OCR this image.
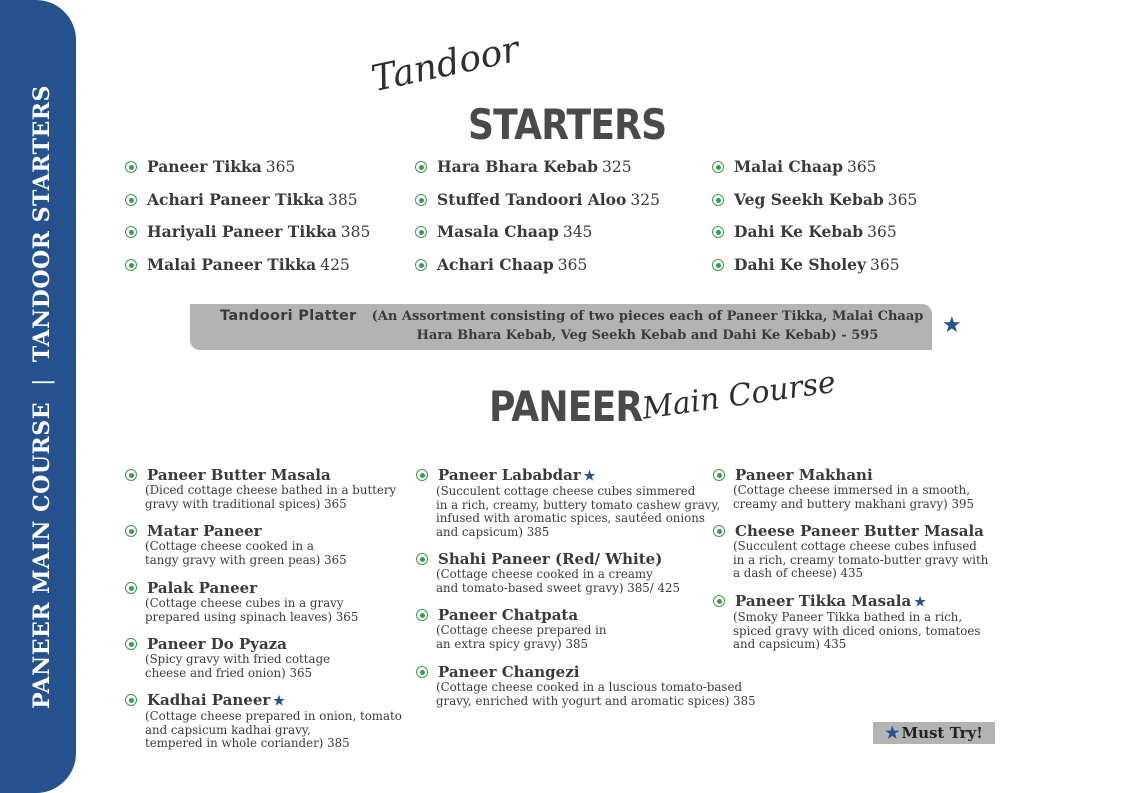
PANEER MAIN COURSE|TANDOOR STARTERS
Tandoor
STARTERS
Paneer Tikka 365
Achari Paneer Tikka 385
Hariyali Paneer Tikka 385
Malai Paneer Tikka 425
Hara Bhara Kebab 325
Stuffed Tandoori Aloo 325
Masala Chaap 345
Achari Chaap 365
Malai Chaap 365
Veg Seekh Kebab 365
Dahi Ke Kebab 365
Dahi Ke Sholey 365
Tandoori Platter (An Assortment consisting of two pieces each of Paneer Tikka, Malai Chaap
Hara Bhara Kebab, Veg Seekh Kebab and Dahi Ke Kebab) - 595	★
PANEER
Main Course
Paneer Butter Masala
(Diced cottage cheese bathed in a buttery
gravy with traditional spices) 365
Matar Paneer
(Cottage cheese cooked in a
tangy gravy with green peas) 365
Palak Paneer
(Cottage cheese cubes in a gravy
prepared using spinach leaves) 365
Paneer Do Pyaza
(Spicy gravy with fried cottage
cheese and fried onion) 365
Kadhai Paneer ★
(Cottage cheese prepared in onion, tomato
and capsicum kadhai gravy,
tempered in whole coriander) 385
Paneer Lababdar ★
(Succulent cottage cheese cubes simmered
in a rich, creamy, buttery tomato cashew gravy,
infused with aromatic spices, sautéed onions
and capsicum) 385
Shahi Paneer (Red/ White)
(Cottage cheese cooked in a creamy
and tomato-based sweet gravy) 385/ 425
Paneer Chatpata
(Cottage cheese prepared in
an extra spicy gravy) 385
Paneer Changezi
(Cottage cheese cooked in a luscious tomato-based
gravy, enriched with yogurt and aromatic spices) 385
Paneer Makhani
(Cottage cheese immersed in a smooth,
creamy and buttery makhani gravy) 395
Cheese Paneer Butter Masala
(Succulent cottage cheese cubes infused
in a rich, creamy tomato-butter gravy with
a dash of cheese) 435
Paneer Tikka Masala ★
(Smoky Paneer Tikka bathed in a rich,
spiced gravy with diced onions, tomatoes
and capsicum) 435
★ Must Try!
